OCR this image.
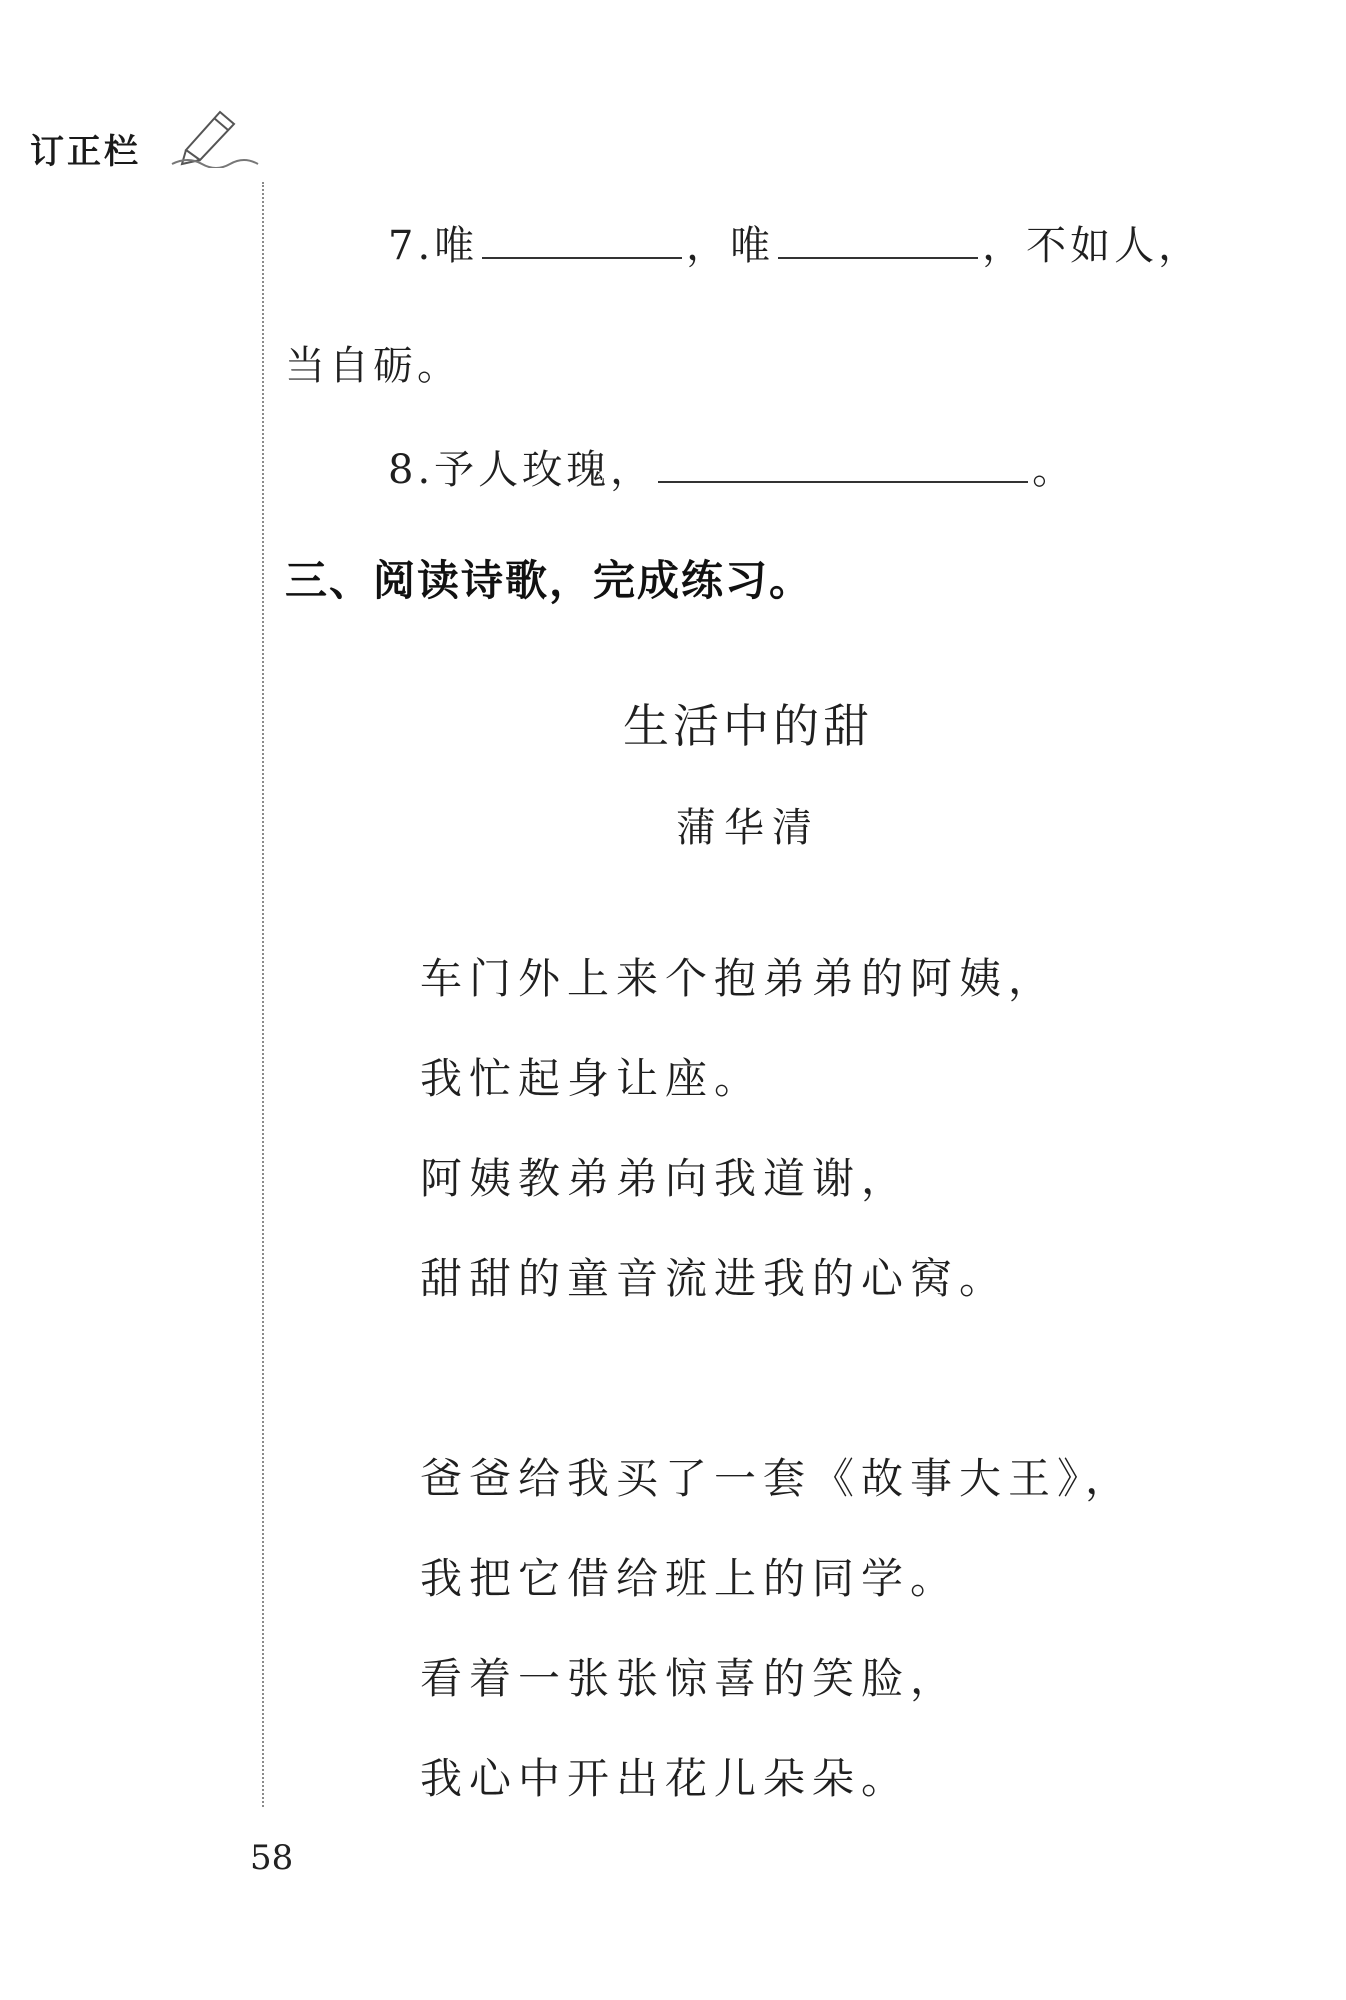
订正栏
7.唯	，唯	，不如人，
当自砺。
8.予人玫瑰，	。
三、阅读诗歌，完成练习。
生活中的甜
蒲华清
车门外上来个抱弟弟的阿姨，
我忙起身让座。
阿姨教弟弟向我道谢，
甜甜的童音流进我的心窝。
爸爸给我买了一套《故事大王》，
我把它借给班上的同学。
看着一张张惊喜的笑脸，
我心中开出花儿朵朵。
58
